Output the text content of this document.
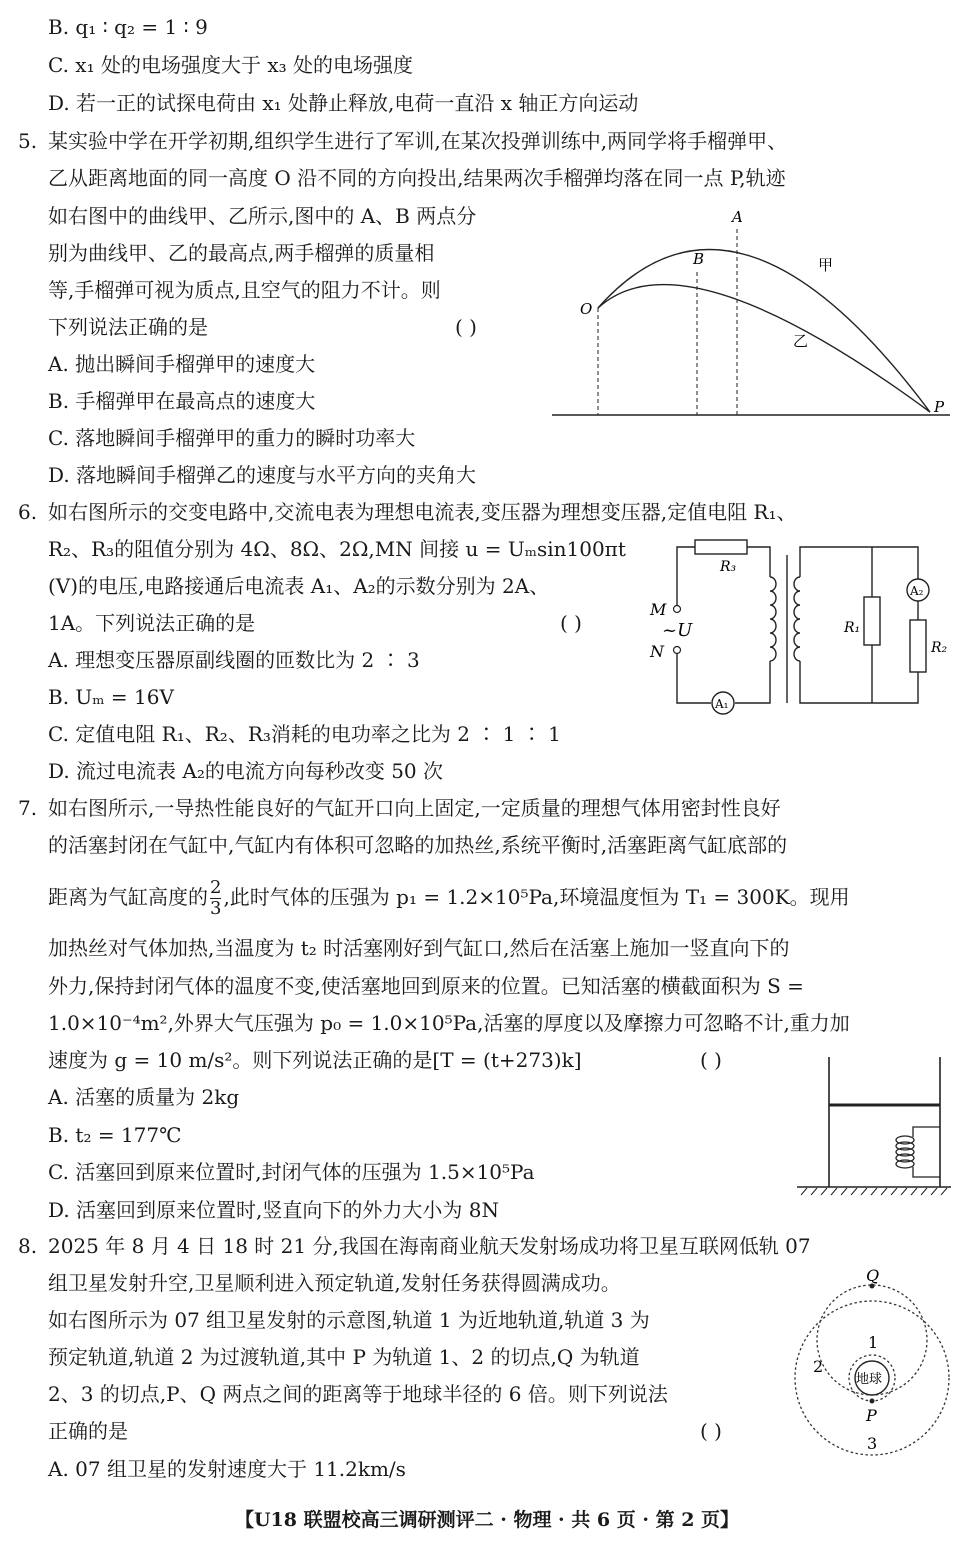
B. q₁ ∶ q₂ = 1 ∶ 9
C. x₁ 处的电场强度大于 x₃ 处的电场强度
D. 若一正的试探电荷由 x₁ 处静止释放,电荷一直沿 x 轴正方向运动
5. 某实验中学在开学初期,组织学生进行了军训,在某次投弹训练中,两同学将手榴弹甲、
乙从距离地面的同一高度 O 沿不同的方向投出,结果两次手榴弹均落在同一点 P,轨迹
如右图中的曲线甲、乙所示,图中的 A、B 两点分
别为曲线甲、乙的最高点,两手榴弹的质量相
等,手榴弹可视为质点,且空气的阻力不计。则
下列说法正确的是	( )
A. 抛出瞬间手榴弹甲的速度大
B. 手榴弹甲在最高点的速度大
C. 落地瞬间手榴弹甲的重力的瞬时功率大
D. 落地瞬间手榴弹乙的速度与水平方向的夹角大
A
B
O
P
甲
乙
6. 如右图所示的交变电路中,交流电表为理想电流表,变压器为理想变压器,定值电阻 R₁、
R₂、R₃的阻值分别为 4Ω、8Ω、2Ω,MN 间接 u = Uₘsin100πt
(V)的电压,电路接通后电流表 A₁、A₂的示数分别为 2A、
1A。下列说法正确的是	( )
A. 理想变压器原副线圈的匝数比为 2 ∶ 3
B. Uₘ = 16V
C. 定值电阻 R₁、R₂、R₃消耗的电功率之比为 2 ∶ 1 ∶ 1
D. 流过电流表 A₂的电流方向每秒改变 50 次
A₁
M
N
~U
R₃
R₁
A₂
R₂
7. 如右图所示,一导热性能良好的气缸开口向上固定,一定质量的理想气体用密封性良好
的活塞封闭在气缸中,气缸内有体积可忽略的加热丝,系统平衡时,活塞距离气缸底部的
距离为气缸高度的 $\frac{2}{3}$ ,此时气体的压强为 p₁ = 1.2×10⁵Pa,环境温度恒为 T₁ = 300K。现用
加热丝对气体加热,当温度为 t₂ 时活塞刚好到气缸口,然后在活塞上施加一竖直向下的
外力,保持封闭气体的温度不变,使活塞地回到原来的位置。已知活塞的横截面积为 S =
1.0×10⁻⁴m²,外界大气压强为 p₀ = 1.0×10⁵Pa,活塞的厚度以及摩擦力可忽略不计,重力加
速度为 g = 10 m/s²。则下列说法正确的是[T = (t+273)k]	( )
A. 活塞的质量为 2kg
B. t₂ = 177℃
C. 活塞回到原来位置时,封闭气体的压强为 1.5×10⁵Pa
D. 活塞回到原来位置时,竖直向下的外力大小为 8N
8. 2025 年 8 月 4 日 18 时 21 分,我国在海南商业航天发射场成功将卫星互联网低轨 07
组卫星发射升空,卫星顺利进入预定轨道,发射任务获得圆满成功。
如右图所示为 07 组卫星发射的示意图,轨道 1 为近地轨道,轨道 3 为
预定轨道,轨道 2 为过渡轨道,其中 P 为轨道 1、2 的切点,Q 为轨道
2、3 的切点,P、Q 两点之间的距离等于地球半径的 6 倍。则下列说法
正确的是	( )
A. 07 组卫星的发射速度大于 11.2km/s
地球
Q
P
1
2
3
【U18 联盟校高三调研测评二 · 物理 · 共 6 页 · 第 2 页】
